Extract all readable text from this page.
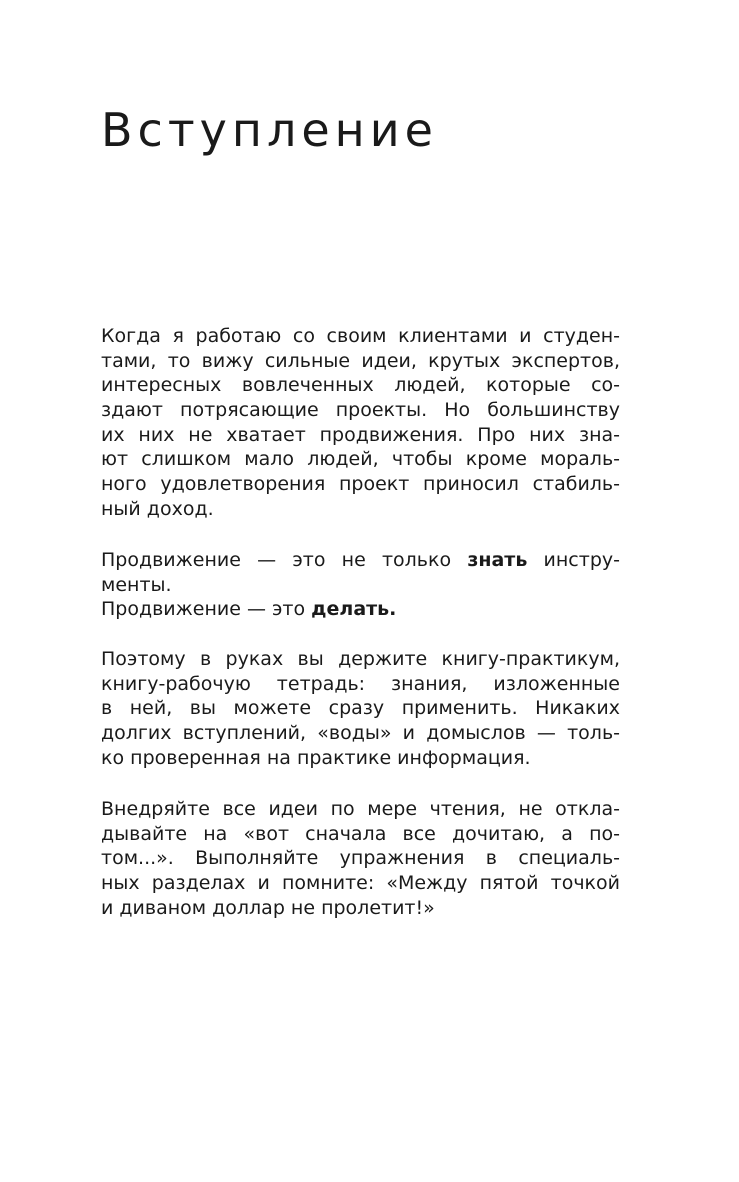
Вступление
Когда я работаю со своим клиентами и студен-
тами, то вижу сильные идеи, крутых экспертов,
интересных вовлеченных людей, которые со-
здают потрясающие проекты. Но большинству
их них не хватает продвижения. Про них зна-
ют слишком мало людей, чтобы кроме мораль-
ного удовлетворения проект приносил стабиль-
ный доход.
Продвижение — это не только знать инстру-
менты.
Продвижение — это делать.
Поэтому в руках вы держите книгу-практикум,
книгу-рабочую тетрадь: знания, изложенные
в ней, вы можете сразу применить. Никаких
долгих вступлений, «воды» и домыслов — толь-
ко проверенная на практике информация.
Внедряйте все идеи по мере чтения, не откла-
дывайте на «вот сначала все дочитаю, а по-
том...». Выполняйте упражнения в специаль-
ных разделах и помните: «Между пятой точкой
и диваном доллар не пролетит!»
